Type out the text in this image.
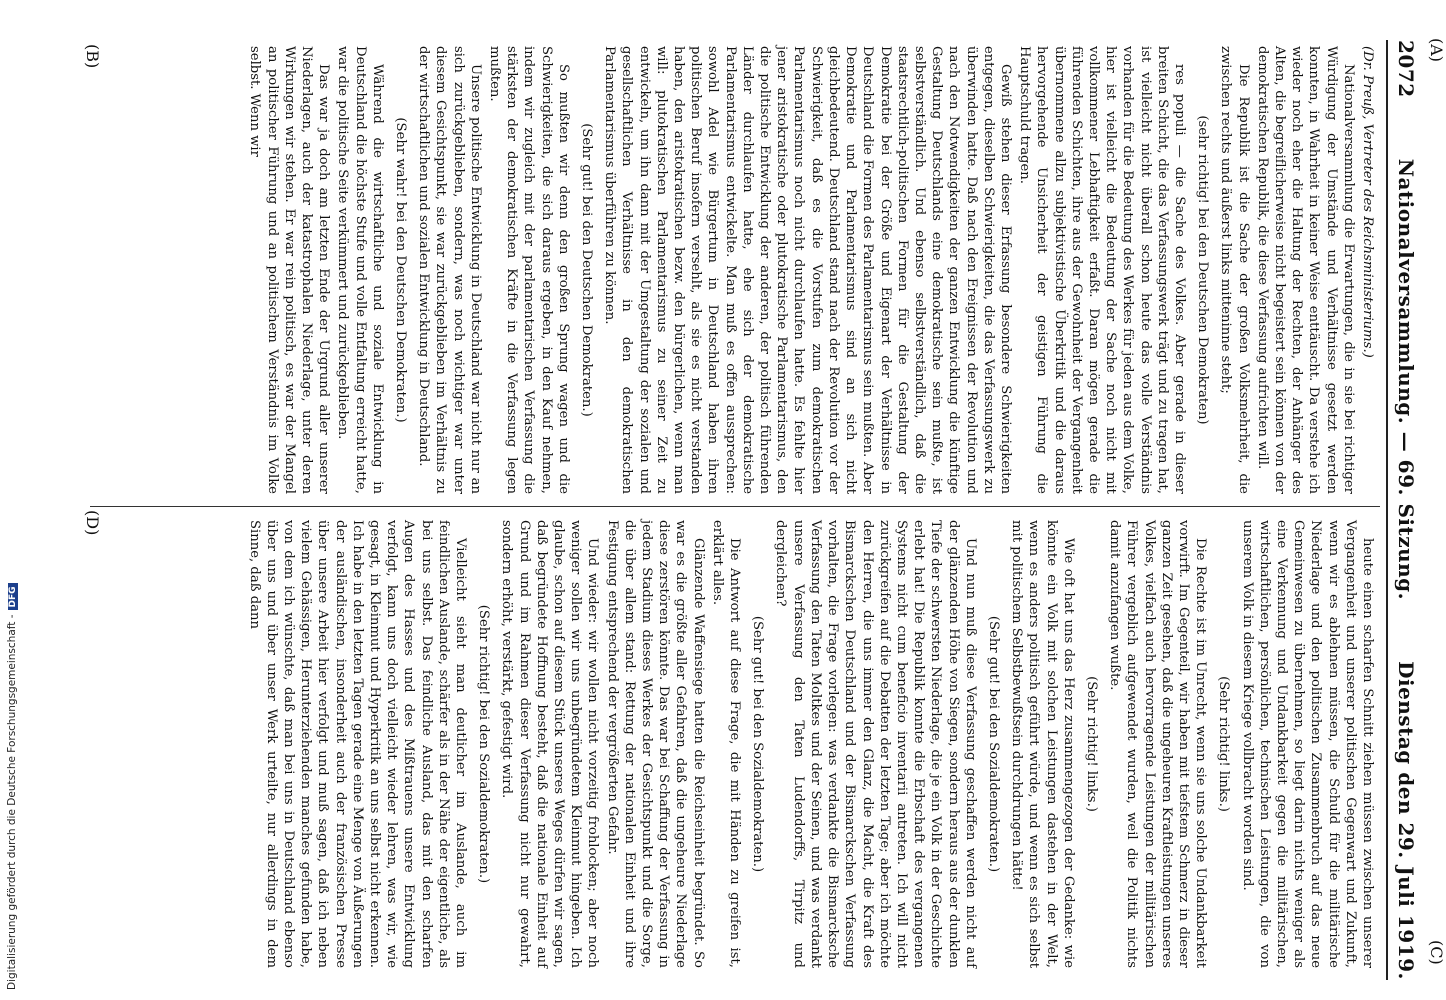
2072
Nationalversammlung. — 69. Sitzung.
Dienstag den 29. Juli 1919.

(Dr. Preuß, Vertreter des Reichsministeriums.)

Nationalversammlung die Erwartungen, die in sie bei richtiger Würdigung der Umstände und Verhältnisse gesetzt werden konnten, in Wahrheit in keiner Weise enttäuscht. Da verstehe ich wieder noch eher die Haltung der Rechten, der Anhänger des Alten, die begreiflicherweise nicht begeistert sein können von der demokratischen Republik, die diese Verfassung aufrichten will.

Die Republik ist die Sache der großen Volksmehrheit, die zwischen rechts und äußerst links mitteninne steht;

(sehr richtig! bei den Deutschen Demokraten)

res populi — die Sache des Volkes. Aber gerade in dieser breiten Schicht, die das Verfassungswerk trägt und zu tragen hat, ist vielleicht nicht überall schon heute das volle Verständnis vorhanden für die Bedeutung des Werkes für jeden aus dem Volke, hier ist vielleicht die Bedeutung der Sache noch nicht mit vollkommener Lebhaftigkeit erfaßt. Daran mögen gerade die führenden Schichten, ihre aus der Gewohnheit der Vergangenheit übernommene allzu subjektivistische Überkritik und die daraus hervorgehende Unsicherheit der geistigen Führung die Hauptschuld tragen.

Gewiß stehen dieser Erfassung besondere Schwierigkeiten entgegen, dieselben Schwierigkeiten, die das Verfassungswerk zu überwinden hatte. Daß nach den Ereignissen der Revolution und nach den Notwendigkeiten der ganzen Entwicklung die künftige Gestaltung Deutschlands eine demokratische sein mußte, ist selbstverständlich. Und ebenso selbstverständlich, daß die staatsrechtlich-politischen Formen für die Gestaltung der Demokratie bei der Größe und Eigenart der Verhältnisse in Deutschland die Formen des Parlamentarismus sein mußten. Aber Demokratie und Parlamentarismus sind an sich nicht gleichbedeutend. Deutschland stand nach der Revolution vor der Schwierigkeit, daß es die Vorstufen zum demokratischen Parlamentarismus noch nicht durchlaufen hatte. Es fehlte hier jener aristokratische oder plutokratische Parlamentarismus, den die politische Entwicklung der anderen, der politisch führenden Länder durchlaufen hatte, ehe sich der demokratische Parlamentarismus entwickelte. Man muß es offen aussprechen: sowohl Adel wie Bürgertum in Deutschland haben ihren politischen Beruf insofern versehlt, als sie es nicht verstanden haben, den aristokratischen bezw. den bürgerlichen, wenn man will: plutokratischen Parlamentarismus zu seiner Zeit zu entwickeln, um ihn dann mit der Umgestaltung der sozialen und gesellschaftlichen Verhältnisse in den demokratischen Parlamentarismus überführen zu können.

(Sehr gut! bei den Deutschen Demokraten.)

So mußten wir denn den großen Sprung wagen und die Schwierigkeiten, die sich daraus ergeben, in den Kauf nehmen, indem wir zugleich mit der parlamentarischen Verfassung die stärksten der demokratischen Kräfte in die Verfassung legen mußten.

Unsere politische Entwicklung in Deutschland war nicht nur an sich zurückgeblieben, sondern, was noch wichtiger war unter diesem Gesichtspunkt, sie war zurückgeblieben im Verhältnis zu der wirtschaftlichen und sozialen Entwicklung in Deutschland.

(Sehr wahr! bei den Deutschen Demokraten.)

Während die wirtschaftliche und soziale Entwicklung in Deutschland die höchste Stufe und volle Entfaltung erreicht hatte, war die politische Seite verkümmert und zurückgeblieben.

Das war ja doch am letzten Ende der Urgrund aller unserer Niederlagen, auch der katastrophalen Niederlage, unter deren Wirkungen wir stehen. Er war rein politisch, es war der Mangel an politischer Führung und an politischem Verständnis im Volke selbst. Wenn wir

heute einen scharfen Schnitt ziehen müssen zwischen unserer Vergangenheit und unserer politischen Gegenwart und Zukunft, wenn wir es ablehnen müssen, die Schuld für die militärische Niederlage und den politischen Zusammenbruch auf das neue Gemeinwesen zu übernehmen, so liegt darin nichts weniger als eine Verkennung und Undankbarkeit gegen die militärischen, wirtschaftlichen, persönlichen, technischen Leistungen, die von unserem Volk in diesem Kriege vollbracht worden sind.

(Sehr richtig! links.)

Die Rechte ist im Unrecht, wenn sie uns solche Undankbarkeit vorwirft. Im Gegenteil, wir haben mit tiefstem Schmerz in dieser ganzen Zeit gesehen, daß die ungeheuren Kraftleistungen unseres Volkes, vielfach auch hervorragende Leistungen der militärischen Führer vergeblich aufgewendet wurden, weil die Politik nichts damit anzufangen wußte.

(Sehr richtig! links.)

Wie oft hat uns das Herz zusammengezogen der Gedanke: wie könnte ein Volk mit solchen Leistungen dastehen in der Welt, wenn es anders politisch geführt würde, und wenn es sich selbst mit politischem Selbstbewußtsein durchdrungen hätte!

(Sehr gut! bei den Sozialdemokraten.)

Und nun muß diese Verfassung geschaffen werden nicht auf der glänzenden Höhe von Siegen, sondern heraus aus der dunklen Tiefe der schwersten Niederlage, die je ein Volk in der Geschichte erlebt hat! Die Republik konnte die Erbschaft des vergangenen Systems nicht cum beneficio inventarii antreten. Ich will nicht zurückgreifen auf die Debatten der letzten Tage; aber ich möchte den Herren, die uns immer den Glanz, die Macht, die Kraft des Bismarckschen Deutschland und der Bismarckschen Verfassung vorhalten, die Frage vorlegen: was verdankte die Bismarcksche Verfassung den Taten Moltkes und der Seinen, und was verdankt unsere Verfassung den Taten Ludendorffs, Tirpitz und dergleichen?

(Sehr gut! bei den Sozialdemokraten.)

Die Antwort auf diese Frage, die mit Händen zu greifen ist, erklärt alles.

Glänzende Waffensiege hatten die Reichseinheit begründet. So war es die größte aller Gefahren, daß die ungeheure Niederlage diese zerstören könnte. Das war bei Schaffung der Verfassung in jedem Stadium dieses Werkes der Gesichtspunkt und die Sorge, die über allem stand: Rettung der nationalen Einheit und ihre Festigung entsprechend der vergrößerten Gefahr.

Und wieder: wir wollen nicht vorzeitig frohlocken; aber noch weniger sollen wir uns unbegründetem Kleinmut hingeben. Ich glaube, schon auf diesem Stück unseres Weges dürfen wir sagen, daß begründete Hoffnung besteht, daß die nationale Einheit auf Grund und im Rahmen dieser Verfassung nicht nur gewahrt, sondern erhöht, verstärkt, gefestigt wird.

(Sehr richtig! bei den Sozialdemokraten.)

Vielleicht sieht man deutlicher im Auslande, auch im feindlichen Auslande, schärfer als in der Nähe der eigentliche, als bei uns selbst. Das feindliche Ausland, das mit den scharfen Augen des Hasses und des Mißtrauens unsere Entwicklung verfolgt, kann uns doch vielleicht wieder lehren, was wir, wie gesagt, in Kleinmut und Hyperkritik an uns selbst nicht erkennen. Ich habe in den letzten Tagen gerade eine Menge von Äußerungen der ausländischen, insonderheit auch der französischen Presse über unsere Arbeit hier verfolgt und muß sagen, daß ich neben vielem Gehässigen, Herunterziehenden manches gefunden habe, von dem ich wünschte, daß man bei uns in Deutschland ebenso über uns und über unser Werk urteilte, nur allerdings in dem Sinne, daß dann

(A)
(B)
(C)
(D)
Digitalisierung gefördert durch die Deutsche Forschungsgemeinschaft -DFG
